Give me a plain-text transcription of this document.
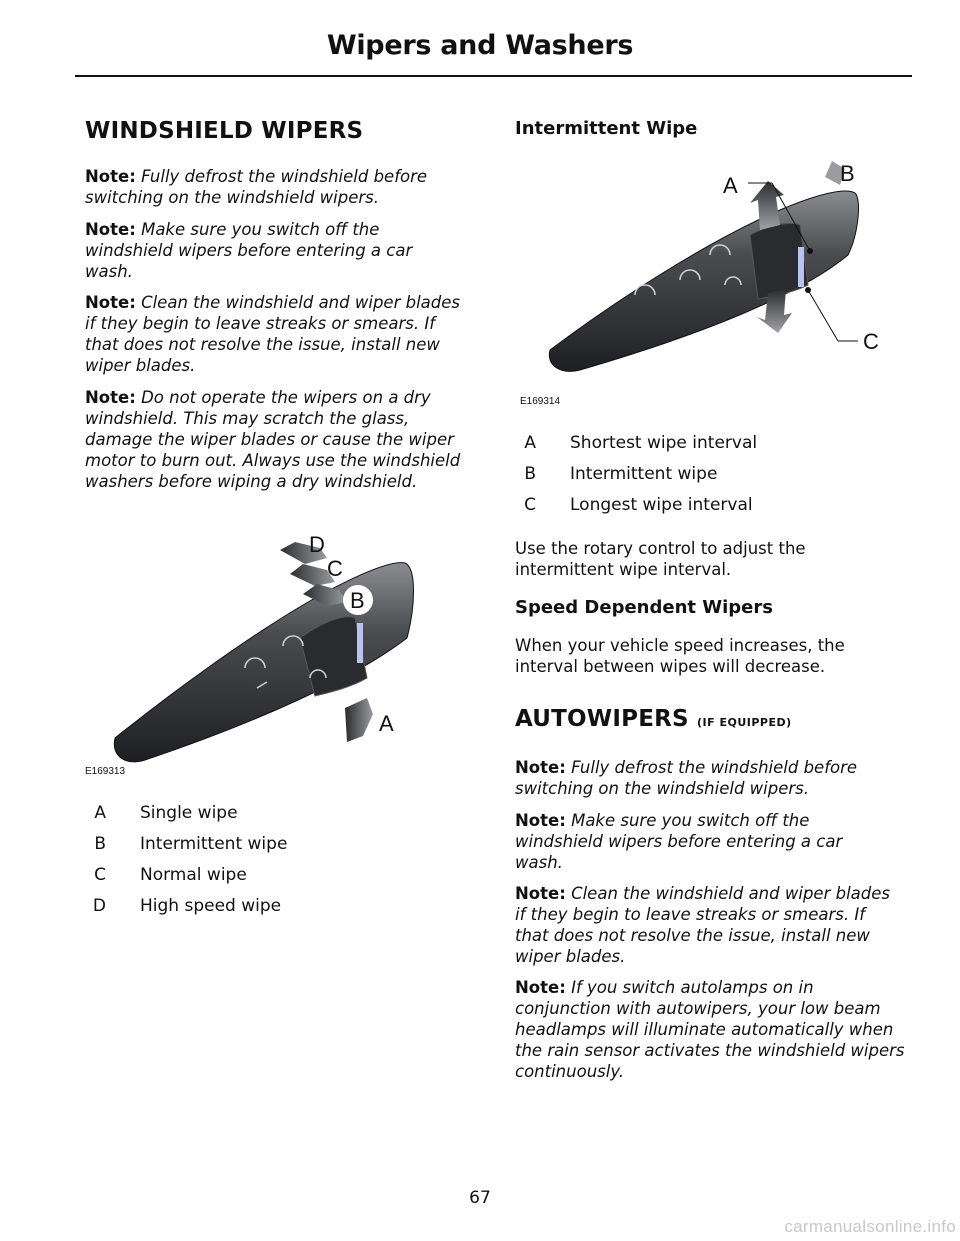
Wipers and Washers
WINDSHIELD WIPERS
Note: Fully defrost the windshield before switching on the windshield wipers.
Note: Make sure you switch off the windshield wipers before entering a car wash.
Note: Clean the windshield and wiper blades if they begin to leave streaks or smears. If that does not resolve the issue, install new wiper blades.
Note: Do not operate the wipers on a dry windshield. This may scratch the glass, damage the wiper blades or cause the wiper motor to burn out. Always use the windshield washers before wiping a dry windshield.
D
C
B
A
E169313
A	Single wipe
B	Intermittent wipe
C	Normal wipe
D	High speed wipe
Intermittent Wipe
A	B
C
E169314
A	Shortest wipe interval
B	Intermittent wipe
C	Longest wipe interval
Use the rotary control to adjust the intermittent wipe interval.
Speed Dependent Wipers
When your vehicle speed increases, the interval between wipes will decrease.
AUTOWIPERS (IF EQUIPPED)
Note: Fully defrost the windshield before switching on the windshield wipers.
Note: Make sure you switch off the windshield wipers before entering a car wash.
Note: Clean the windshield and wiper blades if they begin to leave streaks or smears. If that does not resolve the issue, install new wiper blades.
Note: If you switch autolamps on in conjunction with autowipers, your low beam headlamps will illuminate automatically when the rain sensor activates the windshield wipers continuously.
67
carmanualsonline.info
